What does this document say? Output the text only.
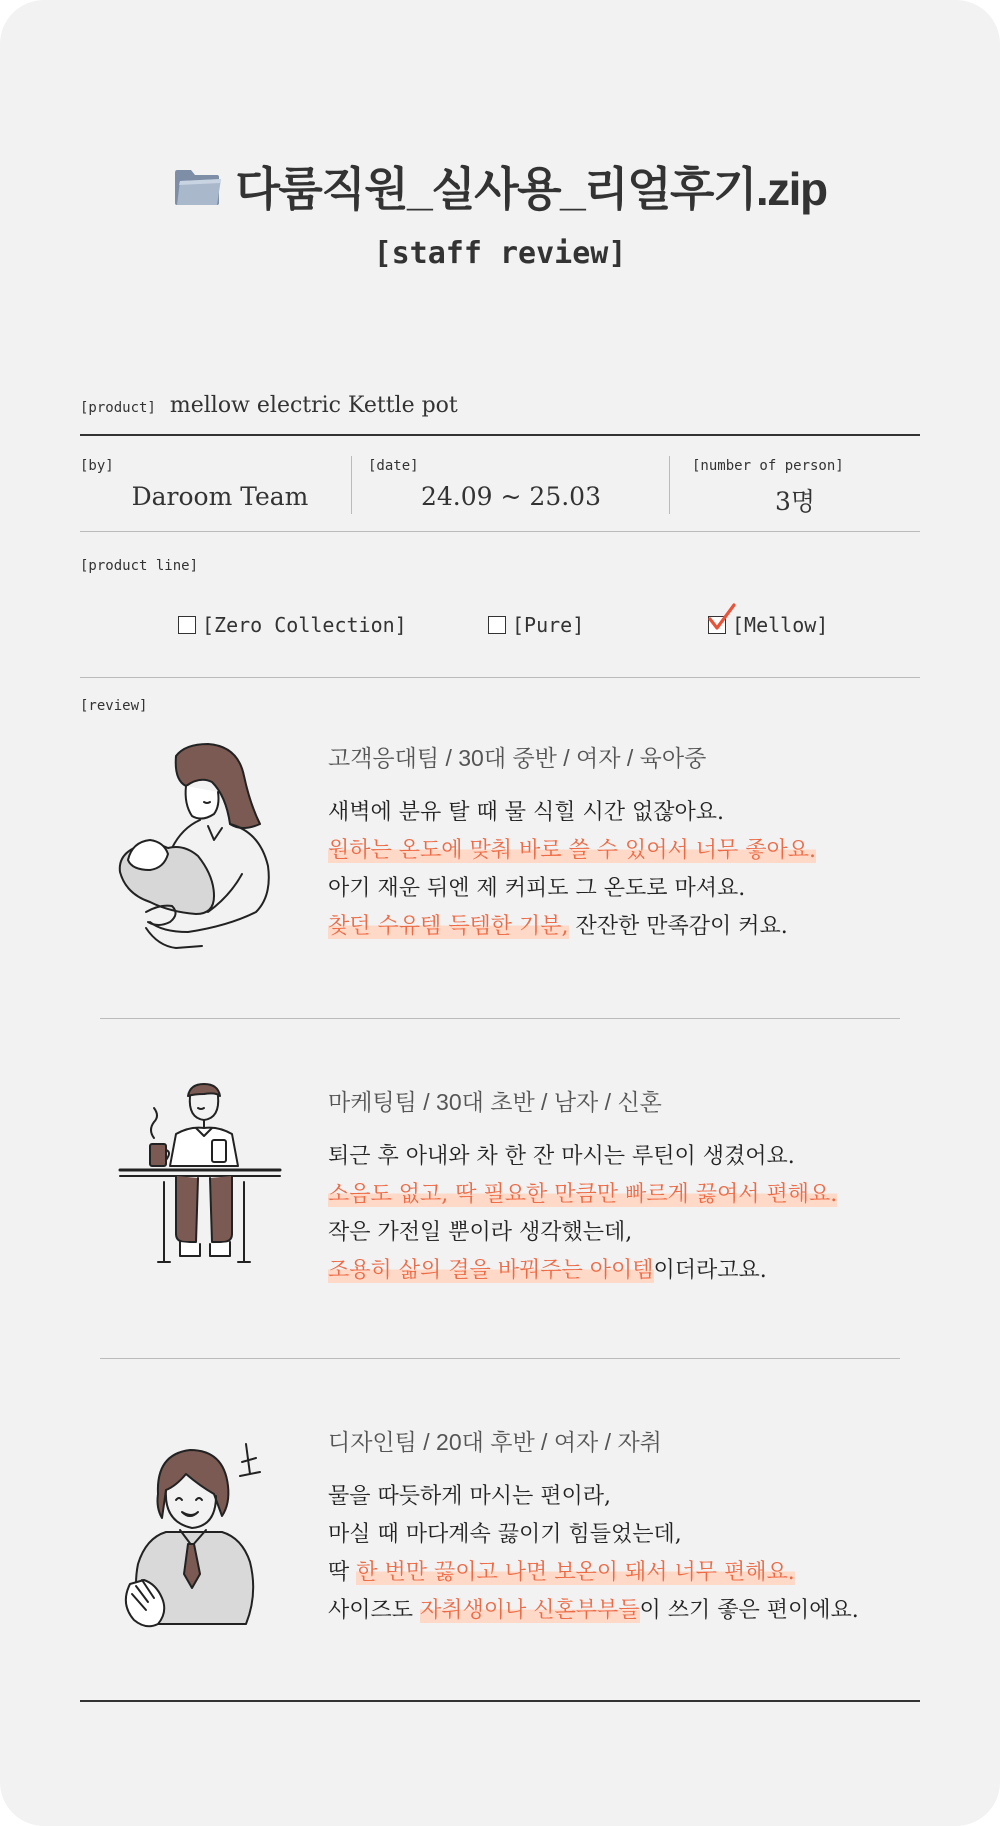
다룸직원_실사용_리얼후기.zip
[staff review]
[product] mellow electric Kettle pot
[by]
Daroom Team
[date]
24.09 ~ 25.03
[number of person]
3명
[product line]
[Zero Collection]	[Pure]	[Mellow]
[review]
고객응대팀 / 30대 중반 / 여자 / 육아중
새벽에 분유 탈 때 물 식힐 시간 없잖아요.
원하는 온도에 맞춰 바로 쓸 수 있어서 너무 좋아요.
아기 재운 뒤엔 제 커피도 그 온도로 마셔요.
찾던 수유템 득템한 기분, 잔잔한 만족감이 커요.
마케팅팀 / 30대 초반 / 남자 / 신혼
퇴근 후 아내와 차 한 잔 마시는 루틴이 생겼어요.
소음도 없고, 딱 필요한 만큼만 빠르게 끓여서 편해요.
작은 가전일 뿐이라 생각했는데,
조용히 삶의 결을 바꿔주는 아이템이더라고요.
디자인팀 / 20대 후반 / 여자 / 자취
물을 따듯하게 마시는 편이라,
마실 때 마다계속 끓이기 힘들었는데,
딱 한 번만 끓이고 나면 보온이 돼서 너무 편해요.
사이즈도 자취생이나 신혼부부들이 쓰기 좋은 편이에요.
